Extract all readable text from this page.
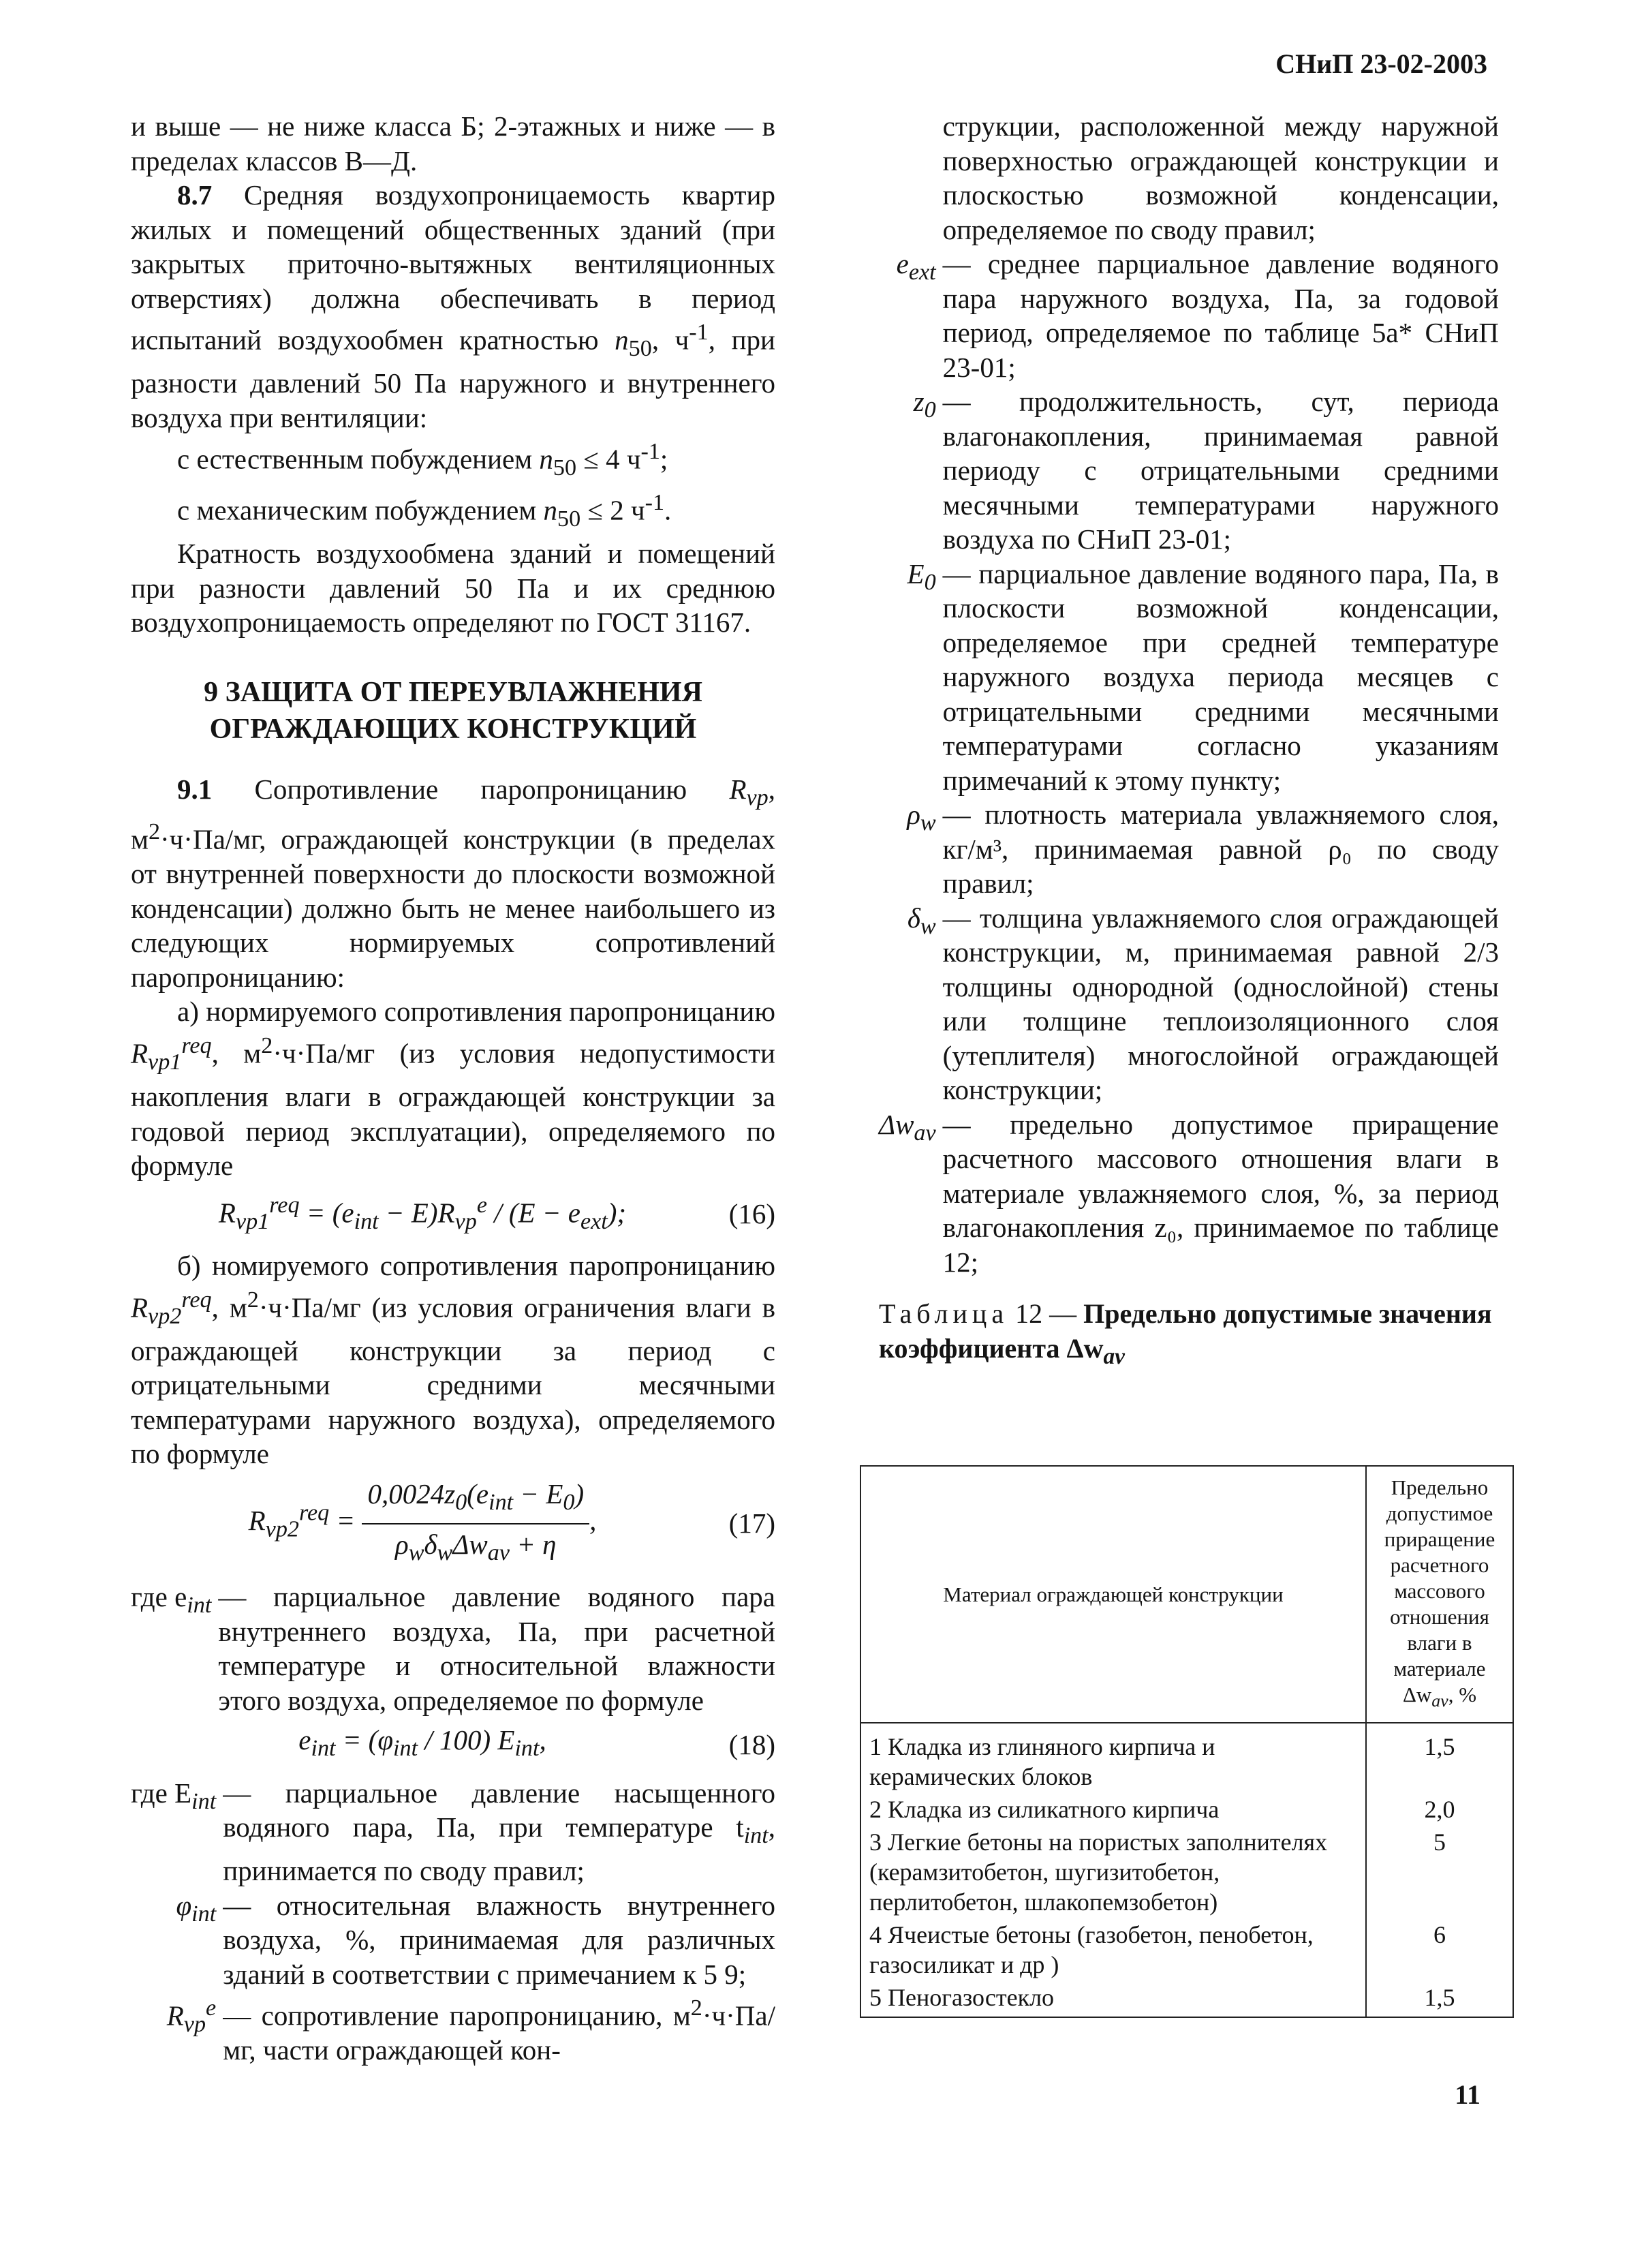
СНиП 23-02-2003

и выше — не ниже класса Б; 2-этажных и ниже — в пределах классов В—Д.

8.7 Средняя воздухопроницаемость квартир жилых и помещений общественных зданий (при закрытых приточно-вытяжных вентиляционных отверстиях) должна обеспечивать в период испытаний воздухообмен кратностью $n_{50}$, $ч^{-1}$, при разности давлений 50 Па наружного и внутреннего воздуха при вентиляции:

с естественным побуждением $n_{50} \le 4$ $ч^{-1}$;

с механическим побуждением $n_{50} \le 2$ $ч^{-1}$.

Кратность воздухообмена зданий и помещений при разности давлений 50 Па и их среднюю воздухопроницаемость определяют по ГОСТ 31167.

9 ЗАЩИТА ОТ ПЕРЕУВЛАЖНЕНИЯ
ОГРАЖДАЮЩИХ КОНСТРУКЦИЙ

9.1 Сопротивление паропроницанию $R_{vp}$, $м^2\cdot ч\cdot Па/мг$, ограждающей конструкции (в пределах от внутренней поверхности до плоскости возможной конденсации) должно быть не менее наибольшего из следующих нормируемых сопротивлений паропроницанию:

а) нормируемого сопротивления паропроницанию $R_{vp1}^{req}$, $м^2\cdot ч\cdot Па/мг$ (из условия недопустимости накопления влаги в ограждающей конструкции за годовой период эксплуатации), определяемого по формуле

$R_{vp1}^{req} = (e_{int} - E)R_{vp}^e / (E - e_{ext})$;	(16)

б) номируемого сопротивления паропроницанию $R_{vp2}^{req}$, $м^2\cdot ч\cdot Па/мг$ (из условия ограничения влаги в ограждающей конструкции за период с отрицательными средними месячными температурами наружного воздуха), определяемого по формуле

$R_{vp2}^{req} = \frac{0,0024z_0(e_{int} - E_0)}{\rho_w\delta_w\Delta w_{av} + \eta}$ ,	(17)
где $e_{int}$ — парциальное давление водяного пара внутреннего воздуха, Па, при расчетной температуре и относительной влажности этого воздуха, определяемое по формуле
$e_{int} = (\varphi_{int} / 100)$ $E_{int}$,	(18)
где $E_{int}$ — парциальное давление насыщенного водяного пара, Па, при температуре $t_{int}$, принимается по своду правил;
$\varphi_{int}$ — относительная влажность внутреннего воздуха, %, принимаемая для различных зданий в соответствии с примечанием к 5 9;
$R_{vp}^e$ — сопротивление паропроницанию, $м^2\cdot ч\cdot Па/мг$, части ограждающей кон-
струкции, расположенной между наружной поверхностью ограждающей конструкции и плоскостью возможной конденсации, определяемое по своду правил;
$e_{ext}$ — среднее парциальное давление водяного пара наружного воздуха, Па, за годовой период, определяемое по таблице 5а* СНиП 23-01;
$z_0$ — продолжительность, сут, периода влагонакопления, принимаемая равной периоду с отрицательными средними месячными температурами наружного воздуха по СНиП 23-01;
$E_0$ — парциальное давление водяного пара, Па, в плоскости возможной конденсации, определяемое при средней температуре наружного воздуха периода месяцев с отрицательными средними месячными температурами согласно указаниям примечаний к этому пункту;
$\rho_w$ — плотность материала увлажняемого слоя, кг/м³, принимаемая равной ρ₀ по своду правил;
$\delta_w$ — толщина увлажняемого слоя ограждающей конструкции, м, принимаемая равной 2/3 толщины однородной (однослойной) стены или толщине теплоизоляционного слоя (утеплителя) многослойной ограждающей конструкции;
$\Delta w_{av}$ — предельно допустимое приращение расчетного массового отношения влаги в материале увлажняемого слоя, %, за период влагонакопления z₀, принимаемое по таблице 12;
Таблица 12 — Предельно допустимые значения коэффициента $\Delta w_{av}$
Материал ограждающей конструкции	Предельно допустимое приращение расчетного массового отношения влаги в материале $\Delta w_{av}$, %
1 Кладка из глиняного кирпича и керамических блоков	1,5
2 Кладка из силикатного кирпича	2,0
3 Легкие бетоны на пористых заполнителях (керамзитобетон, шугизитобетон, перлитобетон, шлакопемзобетон)	5
4 Ячеистые бетоны (газобетон, пенобетон, газосиликат и др )	6
5 Пеногазостекло	1,5
11
